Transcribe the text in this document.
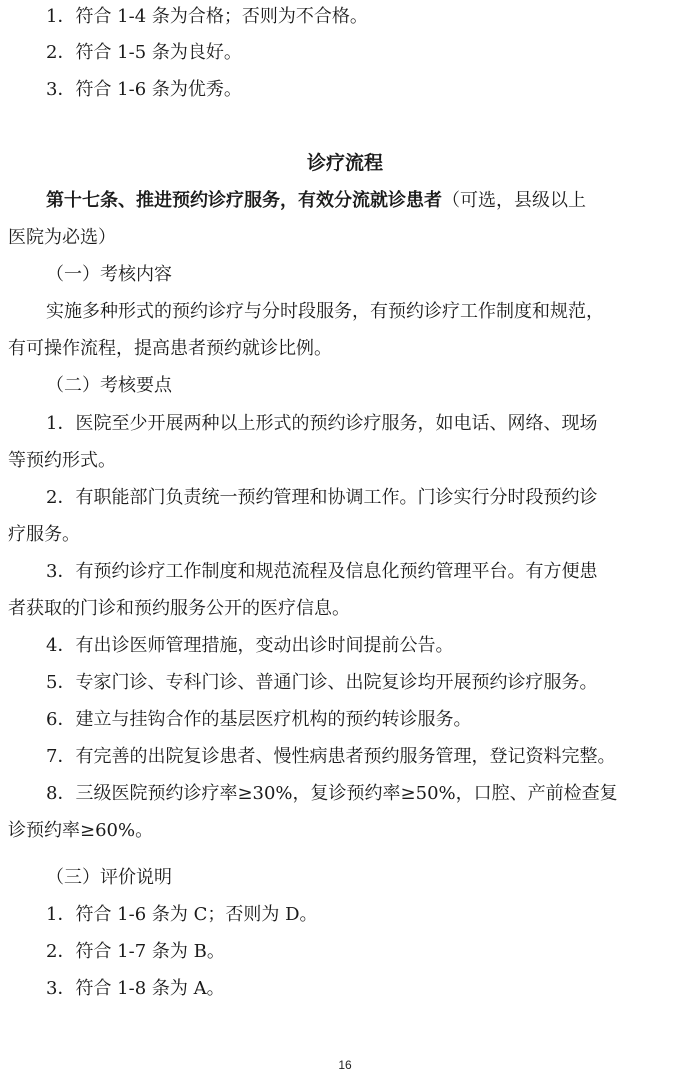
1．符合 1-4 条为合格；否则为不合格。
2．符合 1-5 条为良好。
3．符合 1-6 条为优秀。
诊疗流程
第十七条、推进预约诊疗服务，有效分流就诊患者（可选，县级以上
医院为必选）
（一）考核内容
实施多种形式的预约诊疗与分时段服务，有预约诊疗工作制度和规范，
有可操作流程，提高患者预约就诊比例。
（二）考核要点
1．医院至少开展两种以上形式的预约诊疗服务，如电话、网络、现场
等预约形式。
2．有职能部门负责统一预约管理和协调工作。门诊实行分时段预约诊
疗服务。
3．有预约诊疗工作制度和规范流程及信息化预约管理平台。有方便患
者获取的门诊和预约服务公开的医疗信息。
4．有出诊医师管理措施，变动出诊时间提前公告。
5．专家门诊、专科门诊、普通门诊、出院复诊均开展预约诊疗服务。
6．建立与挂钩合作的基层医疗机构的预约转诊服务。
7．有完善的出院复诊患者、慢性病患者预约服务管理，登记资料完整。
8．三级医院预约诊疗率≥30%，复诊预约率≥50%，口腔、产前检查复
诊预约率≥60%。
（三）评价说明
1．符合 1-6 条为 C；否则为 D。
2．符合 1-7 条为 B。
3．符合 1-8 条为 A。
16
